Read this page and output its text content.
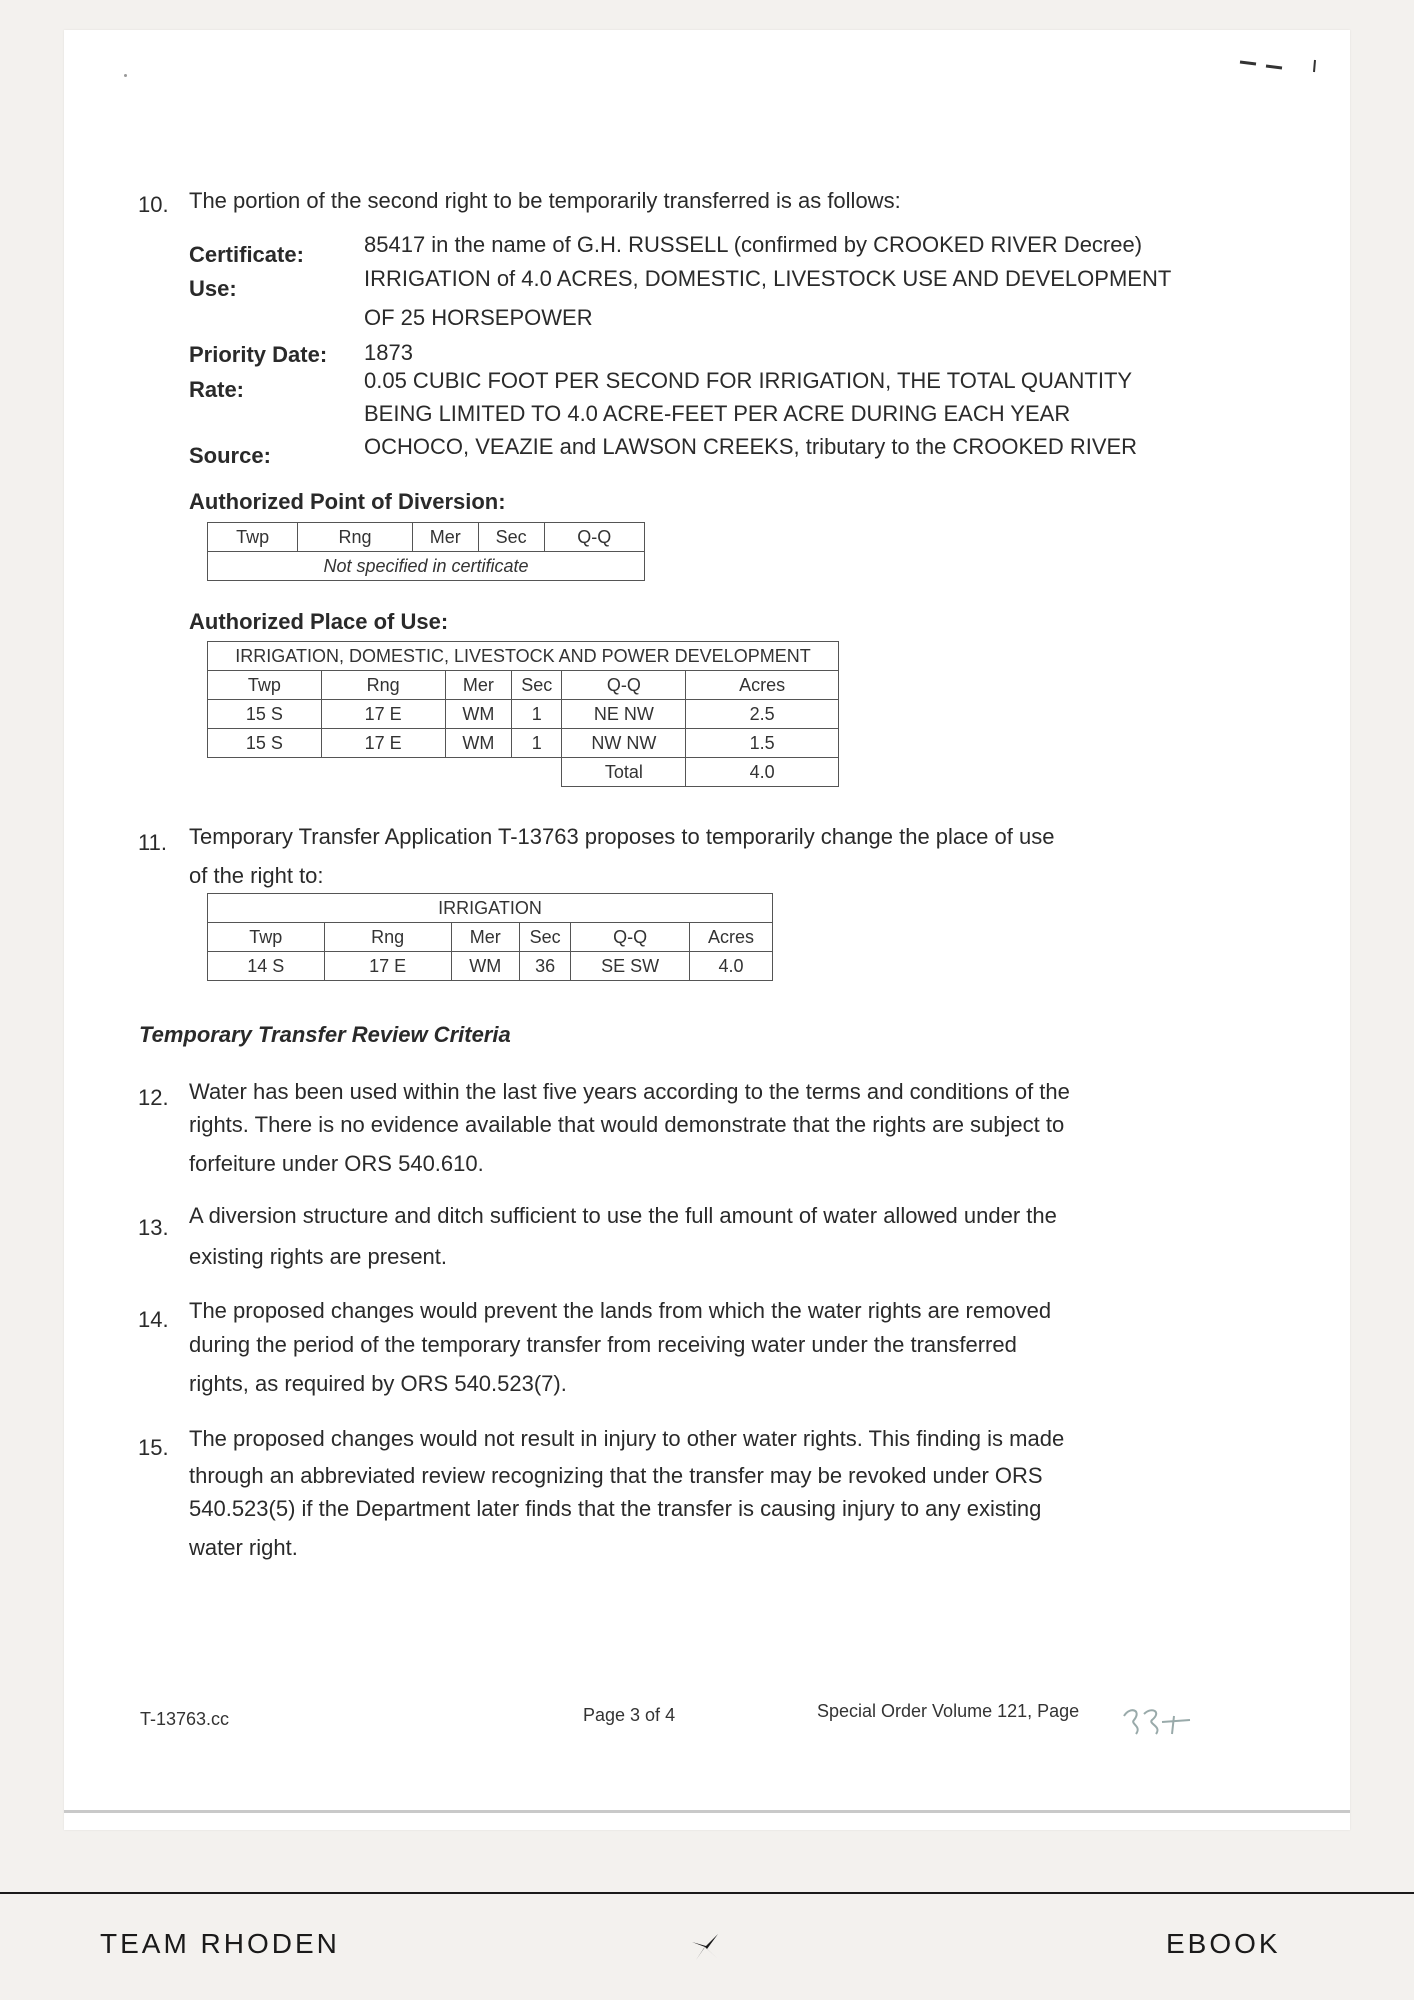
10. The portion of the second right to be temporarily transferred is as follows:
Certificate:	85417 in the name of G.H. RUSSELL (confirmed by CROOKED RIVER Decree)
Use:	IRRIGATION of 4.0 ACRES, DOMESTIC, LIVESTOCK USE AND DEVELOPMENT
OF 25 HORSEPOWER
Priority Date: 1873
Rate:	0.05 CUBIC FOOT PER SECOND FOR IRRIGATION, THE TOTAL QUANTITY
BEING LIMITED TO 4.0 ACRE-FEET PER ACRE DURING EACH YEAR
Source:	OCHOCO, VEAZIE and LAWSON CREEKS, tributary to the CROOKED RIVER
Authorized Point of Diversion:
Twp	Rng	Mer	Sec	Q-Q
Not specified in certificate
Authorized Place of Use:
IRRIGATION, DOMESTIC, LIVESTOCK AND POWER DEVELOPMENT					
Twp	Rng	Mer	Sec	Q-Q	Acres
15 S	17 E	WM	1	NE NW	2.5
15 S	17 E	WM	1	NW NW	1.5
				Total	4.0
11. Temporary Transfer Application T-13763 proposes to temporarily change the place of use
of the right to:
IRRIGATION					
Twp	Rng	Mer	Sec	Q-Q	Acres
14 S	17 E	WM	36	SE SW	4.0
Temporary Transfer Review Criteria
12. Water has been used within the last five years according to the terms and conditions of the
rights. There is no evidence available that would demonstrate that the rights are subject to
forfeiture under ORS 540.610.
13. A diversion structure and ditch sufficient to use the full amount of water allowed under the
existing rights are present.
14. The proposed changes would prevent the lands from which the water rights are removed
during the period of the temporary transfer from receiving water under the transferred
rights, as required by ORS 540.523(7).
15. The proposed changes would not result in injury to other water rights. This finding is made
through an abbreviated review recognizing that the transfer may be revoked under ORS
540.523(5) if the Department later finds that the transfer is causing injury to any existing
water right.
T-13763.cc	Page 3 of 4	Special Order Volume 121, Page
TEAM RHODEN	EBOOK
